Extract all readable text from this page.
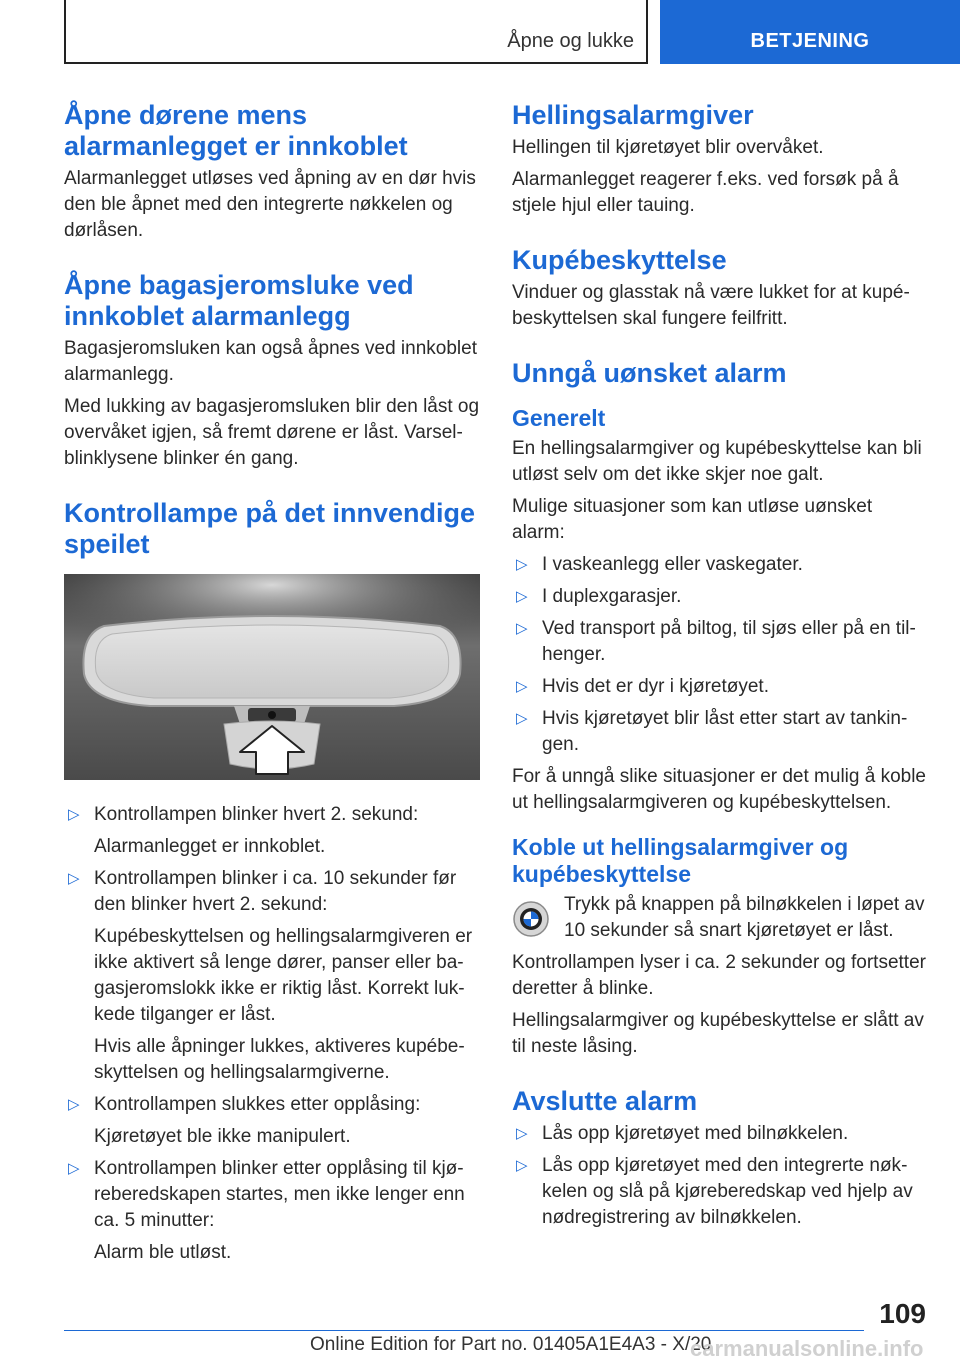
Åpne og lukke	BETJENING
Åpne dørene mens alarmanlegget er innkoblet

Alarmanlegget utløses ved åpning av en dør hvis den ble åpnet med den integrerte nøkkelen og dørlåsen.

Åpne bagasjeromsluke ved innkoblet alarmanlegg

Bagasjeromsluken kan også åpnes ved innkoblet alarmanlegg.

Med lukking av bagasjeromsluken blir den låst og overvåket igjen, så fremt dørene er låst. Varselblinklysene blinker én gang.

Kontrollampe på det innvendige speilet
▷ Kontrollampen blinker hvert 2. sekund:

Alarmanlegget er innkoblet.

▷ Kontrollampen blinker i ca. 10 sekunder før den blinker hvert 2. sekund:

Kupébeskyttelsen og hellingsalarmgiveren er ikke aktivert så lenge dører, panser eller bagasjeromslokk ikke er riktig låst. Korrekt lukkede tilganger er låst.

Hvis alle åpninger lukkes, aktiveres kupébeskyttelsen og hellingsalarmgiverne.

▷ Kontrollampen slukkes etter opplåsing:

Kjøretøyet ble ikke manipulert.

▷ Kontrollampen blinker etter opplåsing til kjøreberedskapen startes, men ikke lenger enn ca. 5 minutter:

Alarm ble utløst.

Hellingsalarmgiver

Hellingen til kjøretøyet blir overvåket.

Alarmanlegget reagerer f.eks. ved forsøk på å stjele hjul eller tauing.

Kupébeskyttelse

Vinduer og glasstak nå være lukket for at kupébeskyttelsen skal fungere feilfritt.

Unngå uønsket alarm
Generelt

En hellingsalarmgiver og kupébeskyttelse kan bli utløst selv om det ikke skjer noe galt.

Mulige situasjoner som kan utløse uønsket alarm:

▷ I vaskeanlegg eller vaskegater.
▷ I duplexgarasjer.
▷ Ved transport på biltog, til sjøs eller på en tilhenger.
▷ Hvis det er dyr i kjøretøyet.
▷ Hvis kjøretøyet blir låst etter start av tankingen.

For å unngå slike situasjoner er det mulig å koble ut hellingsalarmgiveren og kupébeskyttelsen.

Koble ut hellingsalarmgiver og kupébeskyttelse

Trykk på knappen på bilnøkkelen i løpet av 10 sekunder så snart kjøretøyet er låst.

Kontrollampen lyser i ca. 2 sekunder og fortsetter deretter å blinke.

Hellingsalarmgiver og kupébeskyttelse er slått av til neste låsing.

Avslutte alarm
▷ Lås opp kjøretøyet med bilnøkkelen.
▷ Lås opp kjøretøyet med den integrerte nøkkelen og slå på kjøreberedskap ved hjelp av nødregistrering av bilnøkkelen.
109
Online Edition for Part no. 01405A1E4A3 - X/20
carmanualsonline.info
